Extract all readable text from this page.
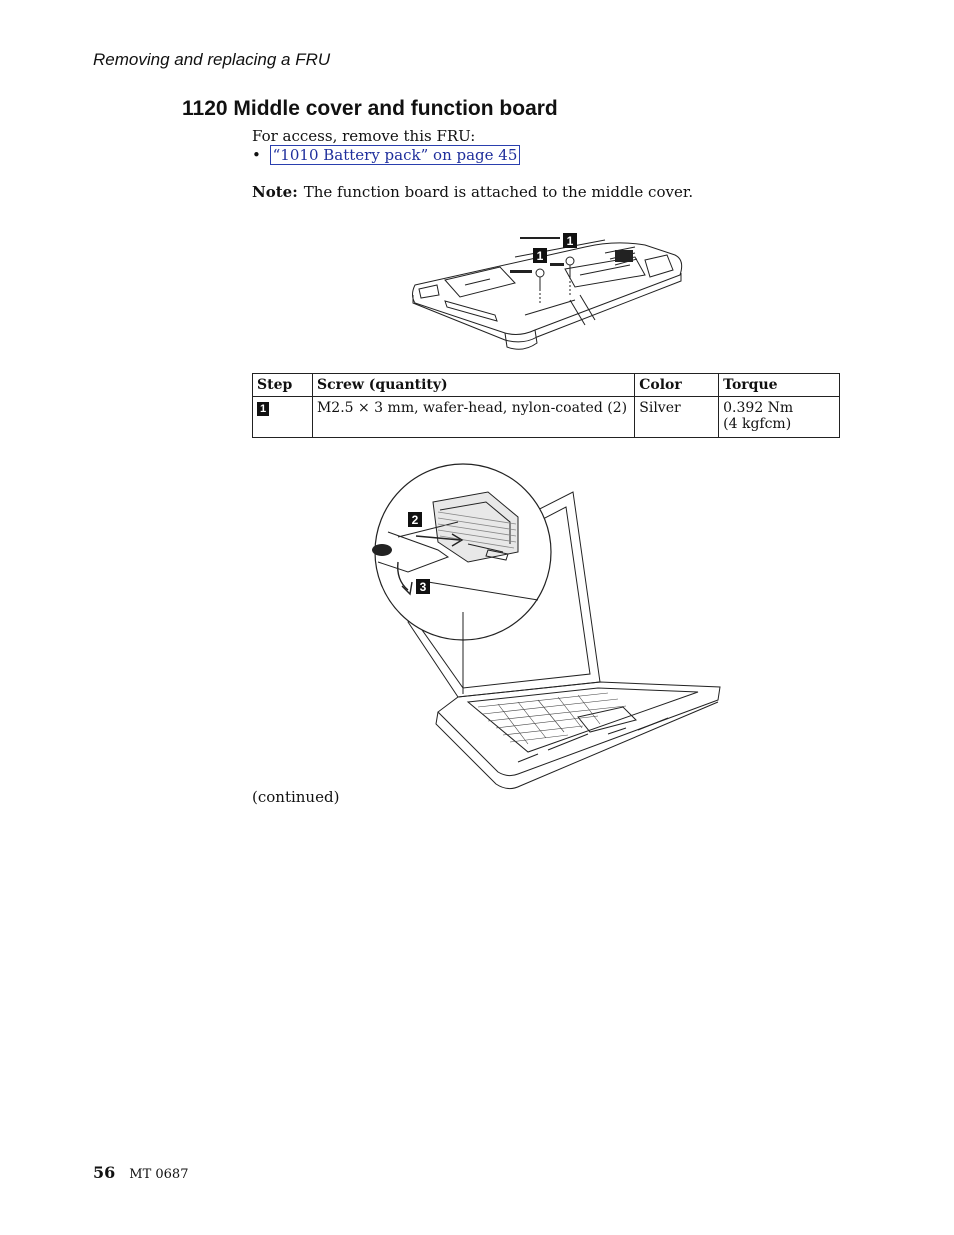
Removing and replacing a FRU
1120 Middle cover and function board
For access, remove this FRU:
• “1010 Battery pack” on page 45
Note: The function board is attached to the middle cover.
1
1
Step	Screw (quantity)	Color	Torque
1	M2.5 × 3 mm, wafer-head, nylon-coated (2)	Silver	0.392 Nm
(4 kgfcm)
2
3
(continued)
56 MT 0687
